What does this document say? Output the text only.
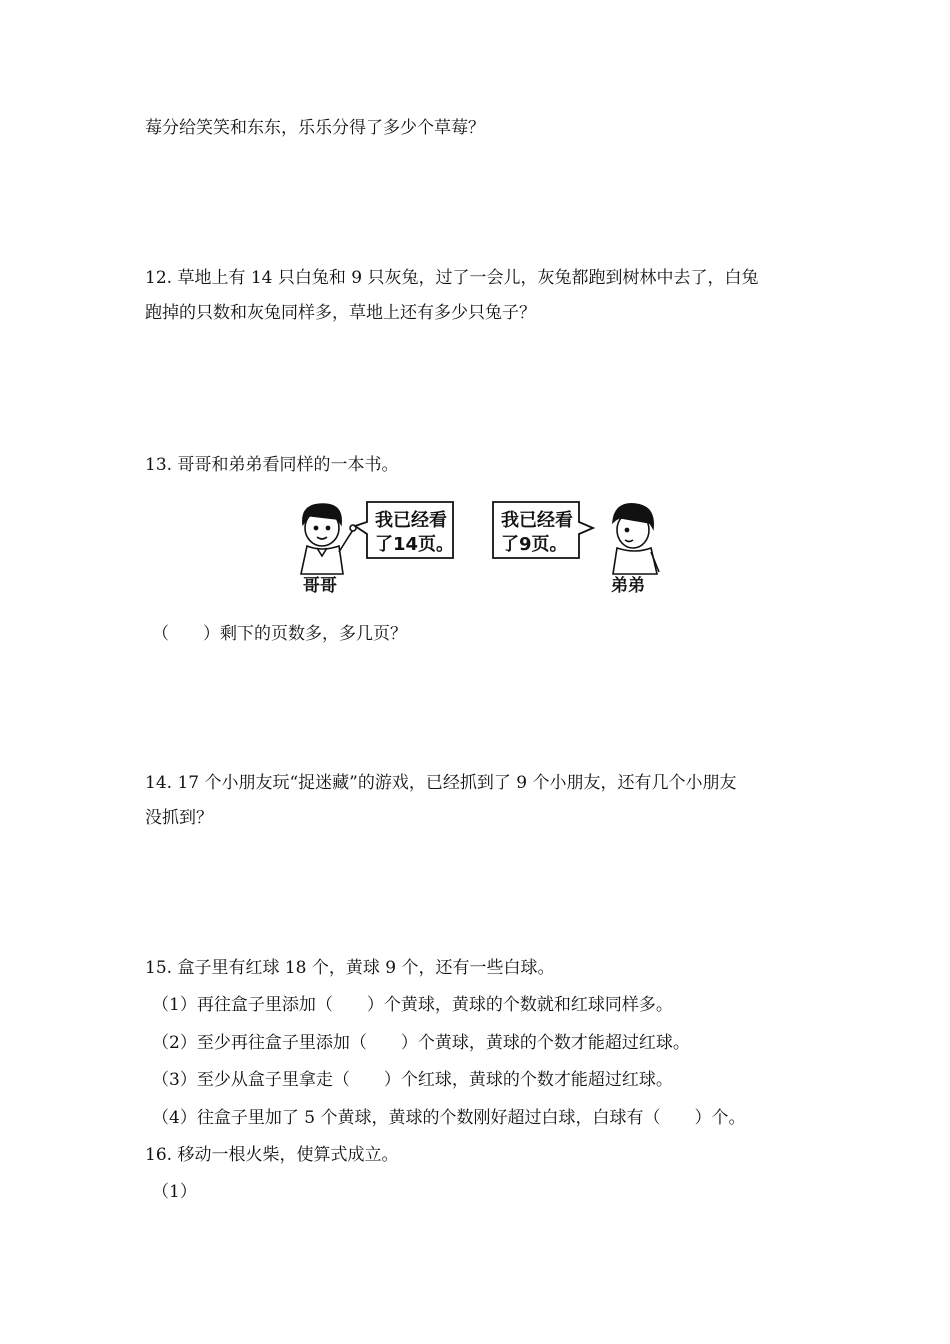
莓分给笑笑和东东，乐乐分得了多少个草莓？
12. 草地上有 14 只白兔和 9 只灰兔，过了一会儿，灰兔都跑到树林中去了，白兔
跑掉的只数和灰兔同样多，草地上还有多少只兔子？
13. 哥哥和弟弟看同样的一本书。
哥哥
我已经看
了14页。
我已经看
了9页。
弟弟
（　　）剩下的页数多，多几页？
14. 17 个小朋友玩“捉迷藏”的游戏，已经抓到了 9 个小朋友，还有几个小朋友
没抓到？
15. 盒子里有红球 18 个，黄球 9 个，还有一些白球。
（1）再往盒子里添加（　　）个黄球，黄球的个数就和红球同样多。
（2）至少再往盒子里添加（　　）个黄球，黄球的个数才能超过红球。
（3）至少从盒子里拿走（　　）个红球，黄球的个数才能超过红球。
（4）往盒子里加了 5 个黄球，黄球的个数刚好超过白球，白球有（　　）个。
16. 移动一根火柴，使算式成立。
（1）
